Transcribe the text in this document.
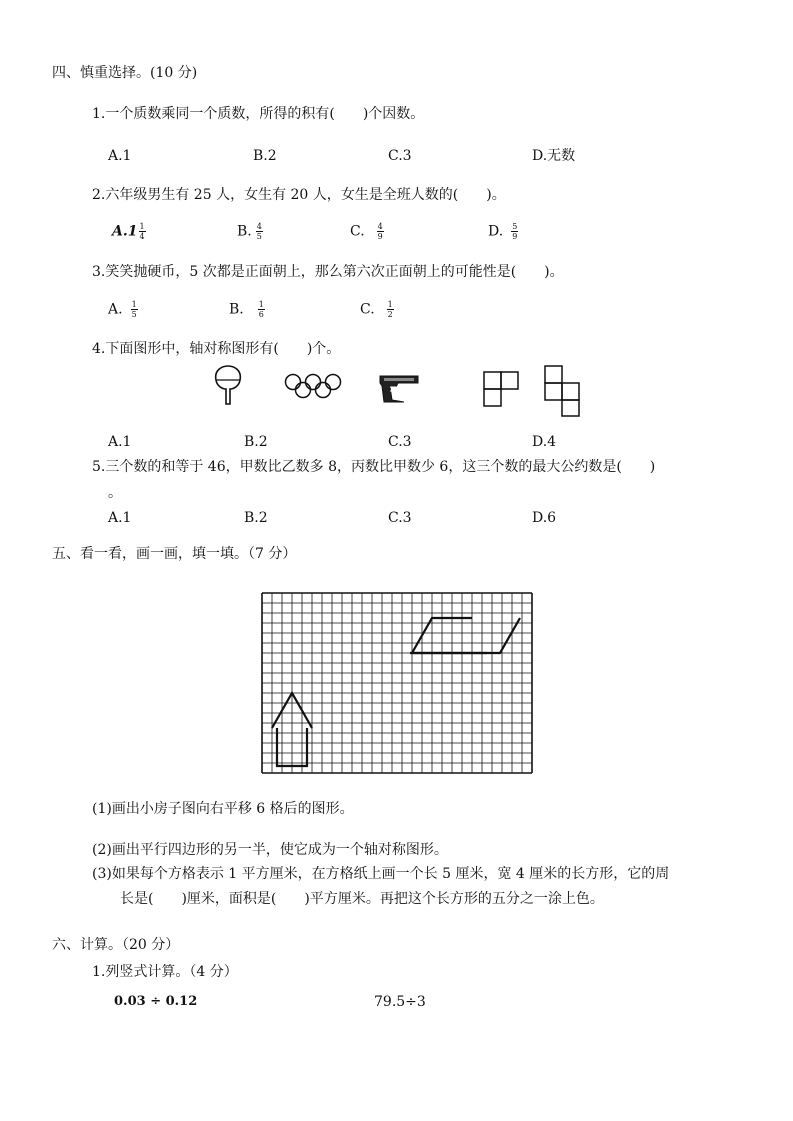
四、慎重选择。(10 分)
1.一个质数乘同一个质数，所得的积有(　　)个因数。
A.1	B.2	C.3	D.无数
2.六年级男生有 25 人，女生有 20 人，女生是全班人数的(　　)。
$A.1 \frac{1}{4}$	B. $\frac{4}{5}$	C. $\frac{4}{9}$	D. $\frac{5}{9}$
3.笑笑抛硬币，5 次都是正面朝上，那么第六次正面朝上的可能性是(　　)。
A. $\frac{1}{5}$	B. $\frac{1}{6}$	C. $\frac{1}{2}$
4.下面图形中，轴对称图形有(　　)个。
A.1	B.2	C.3	D.4
5.三个数的和等于 46，甲数比乙数多 8，丙数比甲数少 6，这三个数的最大公约数是(　　)
。
A.1	B.2	C.3	D.6
五、看一看，画一画，填一填。（7 分）
(1)画出小房子图向右平移 6 格后的图形。
(2)画出平行四边形的另一半，使它成为一个轴对称图形。
(3)如果每个方格表示 1 平方厘米，在方格纸上画一个长 5 厘米，宽 4 厘米的长方形，它的周
长是(　　)厘米，面积是(　　)平方厘米。再把这个长方形的五分之一涂上色。
六、计算。（20 分）
1.列竖式计算。（4 分）
0.03 ÷ 0.12	79.5÷3
